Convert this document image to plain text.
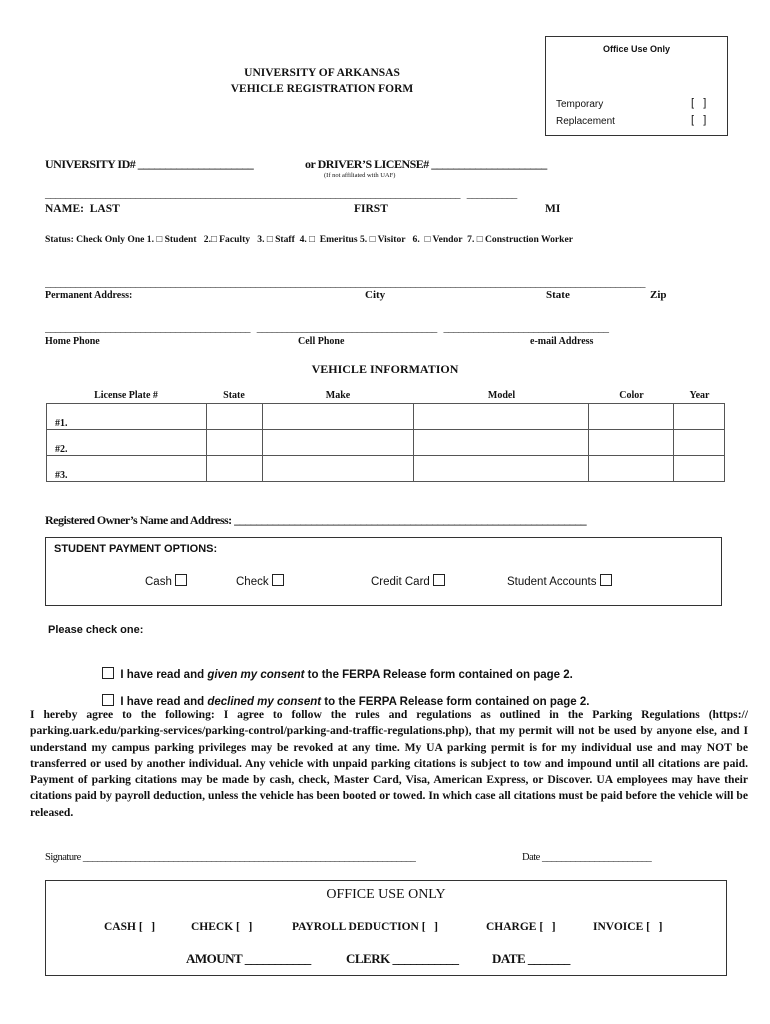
Office Use Only
Temporary	[   ]
Replacement	[   ]
UNIVERSITY OF ARKANSAS
VEHICLE REGISTRATION FORM
UNIVERSITY ID# _____________________	or DRIVER’S LICENSE# _____________________
(If not affiliated with UAF)
___________________________________________________________________________________   __________
NAME:  LAST	FIRST	MI
Status: Check Only One 1. □ Student   2.□ Faculty   3. □ Staff  4. □  Emeritus 5. □ Visitor   6.  □ Vendor  7. □ Construction Worker
________________________________________________________________________________________________________________________
Permanent Address:	City	State	Zip
_________________________________________   ____________________________________   _________________________________
Home Phone	Cell Phone	e-mail Address
VEHICLE INFORMATION
License Plate #	State	Make	Model	Color	Year
#1.					
#2.					
#3.					
Registered Owner’s Name and Address: ________________________________________________________________
STUDENT PAYMENT OPTIONS:
Cash	Check	Credit Card	Student Accounts
Please check one:

I have read and given my consent to the FERPA Release form contained on page 2.

I have read and declined my consent to the FERPA Release form contained on page 2.

I hereby agree to the following: I agree to follow the rules and regulations as outlined in the Parking Regulations (https:// parking.uark.edu/parking-services/parking-control/parking-and-traffic-regulations.php), that my permit will not be used by anyone else, and I understand my campus parking privileges may be revoked at any time. My UA parking permit is for my individual use and may NOT be transferred or used by another individual. Any vehicle with unpaid parking citations is subject to tow and impound until all citations are paid. Payment of parking citations may be made by cash, check, Master Card, Visa, American Express, or Discover. UA employees may have their citations paid by payroll deduction, unless the vehicle has been booted or towed. In which case all citations must be paid before the vehicle will be released.
Signature ______________________________________________________________________	Date _______________________
OFFICE USE ONLY
CASH [   ]	CHECK [   ]	PAYROLL DEDUCTION [   ]	CHARGE [   ]	INVOICE [   ]
AMOUNT ___________	CLERK ___________	DATE _______
